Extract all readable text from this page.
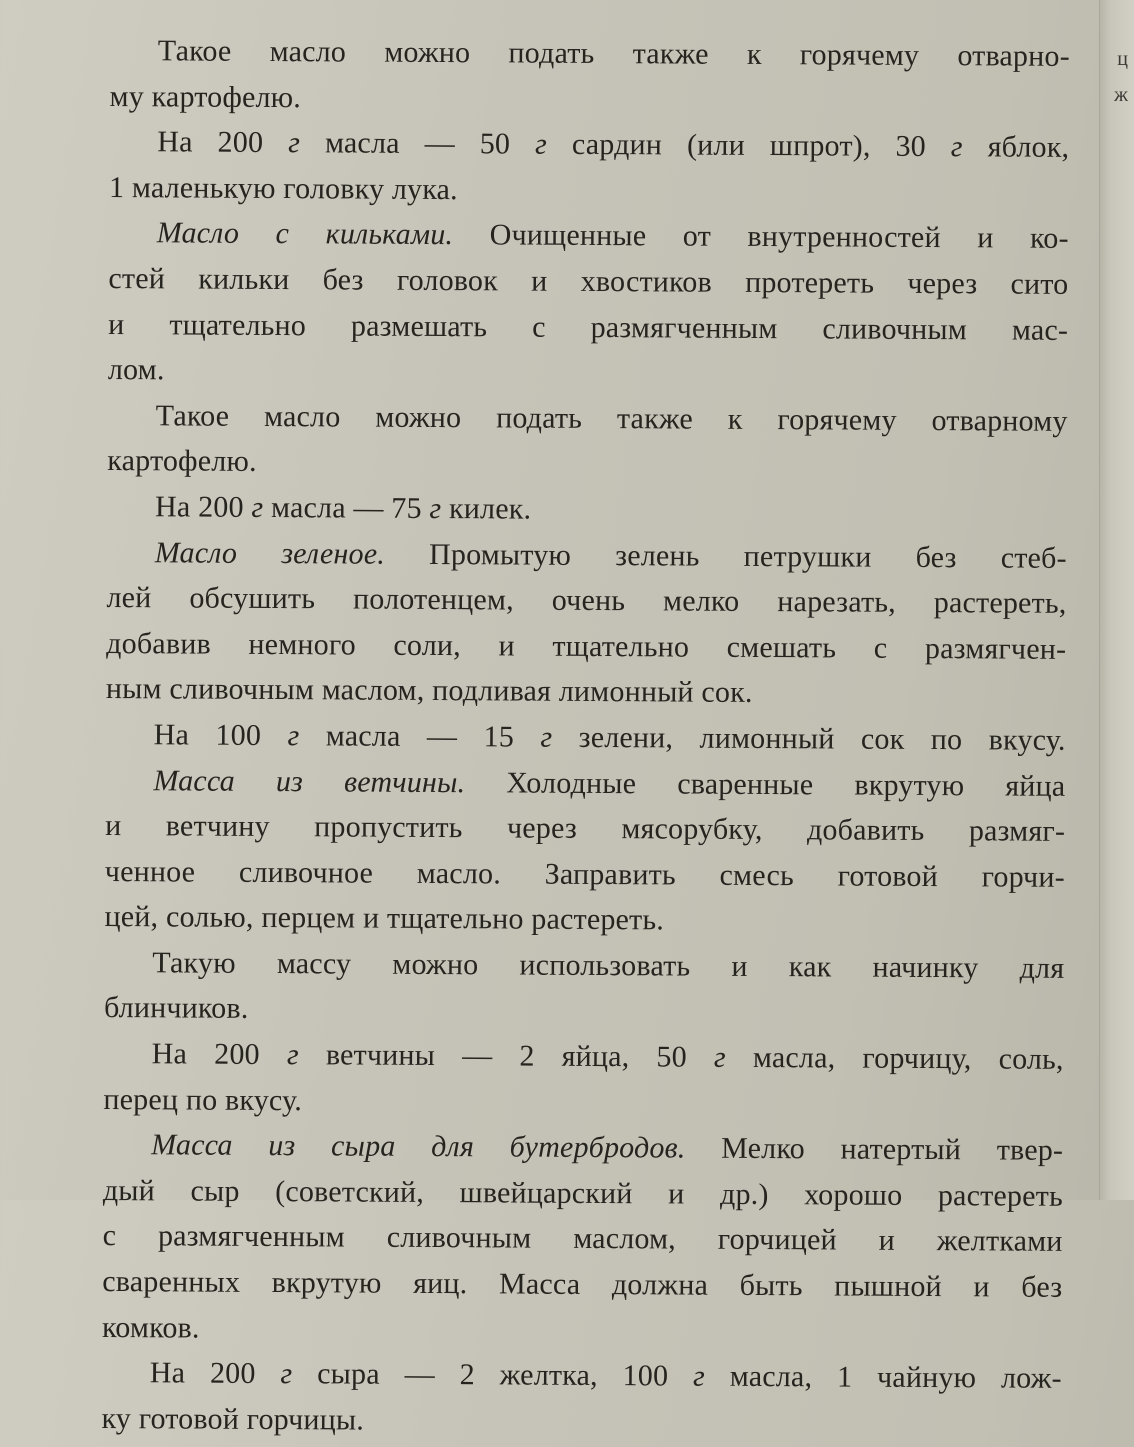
ц
ж
Такое масло можно подать также к горячему отварно-
му картофелю.
На 200 г масла — 50 г сардин (или шпрот), 30 г яблок,
1 маленькую головку лука.
Масло с кильками. Очищенные от внутренностей и ко-
стей кильки без головок и хвостиков протереть через сито
и тщательно размешать с размягченным сливочным мас-
лом.
Такое масло можно подать также к горячему отварному
картофелю.
На 200 г масла — 75 г килек.
Масло зеленое. Промытую зелень петрушки без стеб-
лей обсушить полотенцем, очень мелко нарезать, растереть,
добавив немного соли, и тщательно смешать с размягчен-
ным сливочным маслом, подливая лимонный сок.
На 100 г масла — 15 г зелени, лимонный сок по вкусу.
Масса из ветчины. Холодные сваренные вкрутую яйца
и ветчину пропустить через мясорубку, добавить размяг-
ченное сливочное масло. Заправить смесь готовой горчи-
цей, солью, перцем и тщательно растереть.
Такую массу можно использовать и как начинку для
блинчиков.
На 200 г ветчины — 2 яйца, 50 г масла, горчицу, соль,
перец по вкусу.
Масса из сыра для бутербродов. Мелко натертый твер-
дый сыр (советский, швейцарский и др.) хорошо растереть
с размягченным сливочным маслом, горчицей и желтками
сваренных вкрутую яиц. Масса должна быть пышной и без
комков.
На 200 г сыра — 2 желтка, 100 г масла, 1 чайную лож-
ку готовой горчицы.
